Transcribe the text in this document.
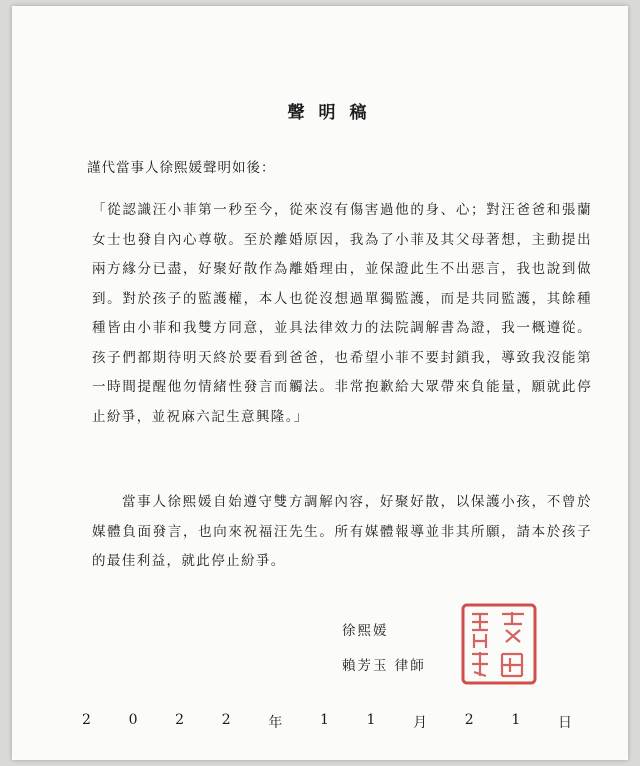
聲明稿
謹代當事人徐熙媛聲明如後：
「從認識汪小菲第一秒至今，從來沒有傷害過他的身、心；對汪爸爸和張蘭女士也發自內心尊敬。至於離婚原因，我為了小菲及其父母著想，主動提出兩方緣分已盡，好聚好散作為離婚理由，並保證此生不出惡言，我也說到做到。對於孩子的監護權，本人也從沒想過單獨監護，而是共同監護，其餘種種皆由小菲和我雙方同意，並具法律效力的法院調解書為證，我一概遵從。孩子們都期待明天終於要看到爸爸，也希望小菲不要封鎖我，導致我沒能第一時間提醒他勿情緒性發言而觸法。非常抱歉給大眾帶來負能量，願就此停止紛爭，並祝麻六記生意興隆。」
當事人徐熙媛自始遵守雙方調解內容，好聚好散，以保護小孩，不曾於媒體負面發言，也向來祝福汪先生。所有媒體報導並非其所願，請本於孩子的最佳利益，就此停止紛爭。
徐熙媛
賴芳玉 律師
2	0	2	2	年	1	1	月	2	1	日
